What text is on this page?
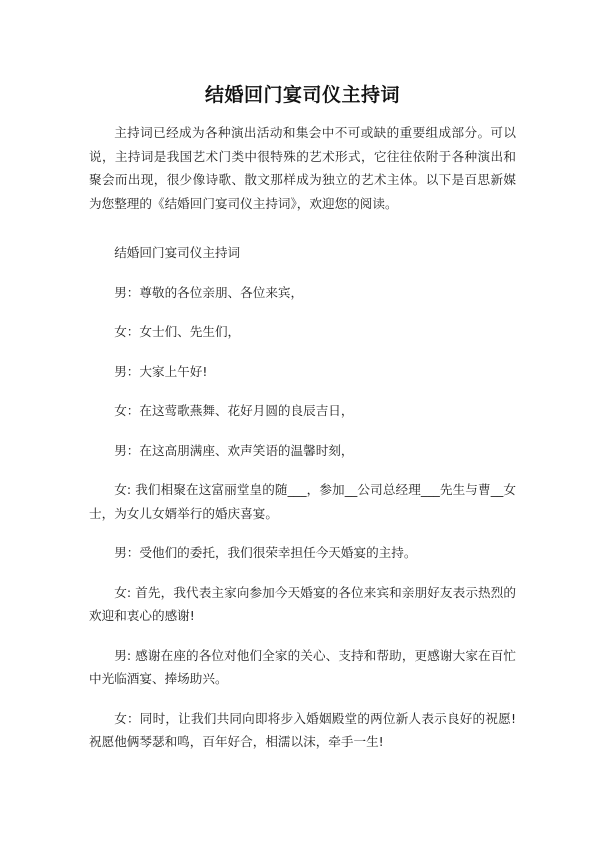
结婚回门宴司仪主持词

主持词已经成为各种演出活动和集会中不可或缺的重要组成部分。可以说，主持词是我国艺术门类中很特殊的艺术形式，它往往依附于各种演出和聚会而出现，很少像诗歌、散文那样成为独立的艺术主体。以下是百思新媒为您整理的《结婚回门宴司仪主持词》，欢迎您的阅读。

结婚回门宴司仪主持词

男：尊敬的各位亲朋、各位来宾，

女：女士们、先生们，

男：大家上午好!

女：在这莺歌燕舞、花好月圆的良辰吉日，

男：在这高朋满座、欢声笑语的温馨时刻，

女: 我们相聚在这富丽堂皇的随___，参加__公司总经理___先生与曹__女士，为女儿女婿举行的婚庆喜宴。

男：受他们的委托，我们很荣幸担任今天婚宴的主持。

女: 首先，我代表主家向参加今天婚宴的各位来宾和亲朋好友表示热烈的欢迎和衷心的感谢!

男: 感谢在座的各位对他们全家的关心、支持和帮助，更感谢大家在百忙中光临酒宴、捧场助兴。

女：同时，让我们共同向即将步入婚姻殿堂的两位新人表示良好的祝愿!祝愿他俩琴瑟和鸣，百年好合，相濡以沫，牵手一生!
